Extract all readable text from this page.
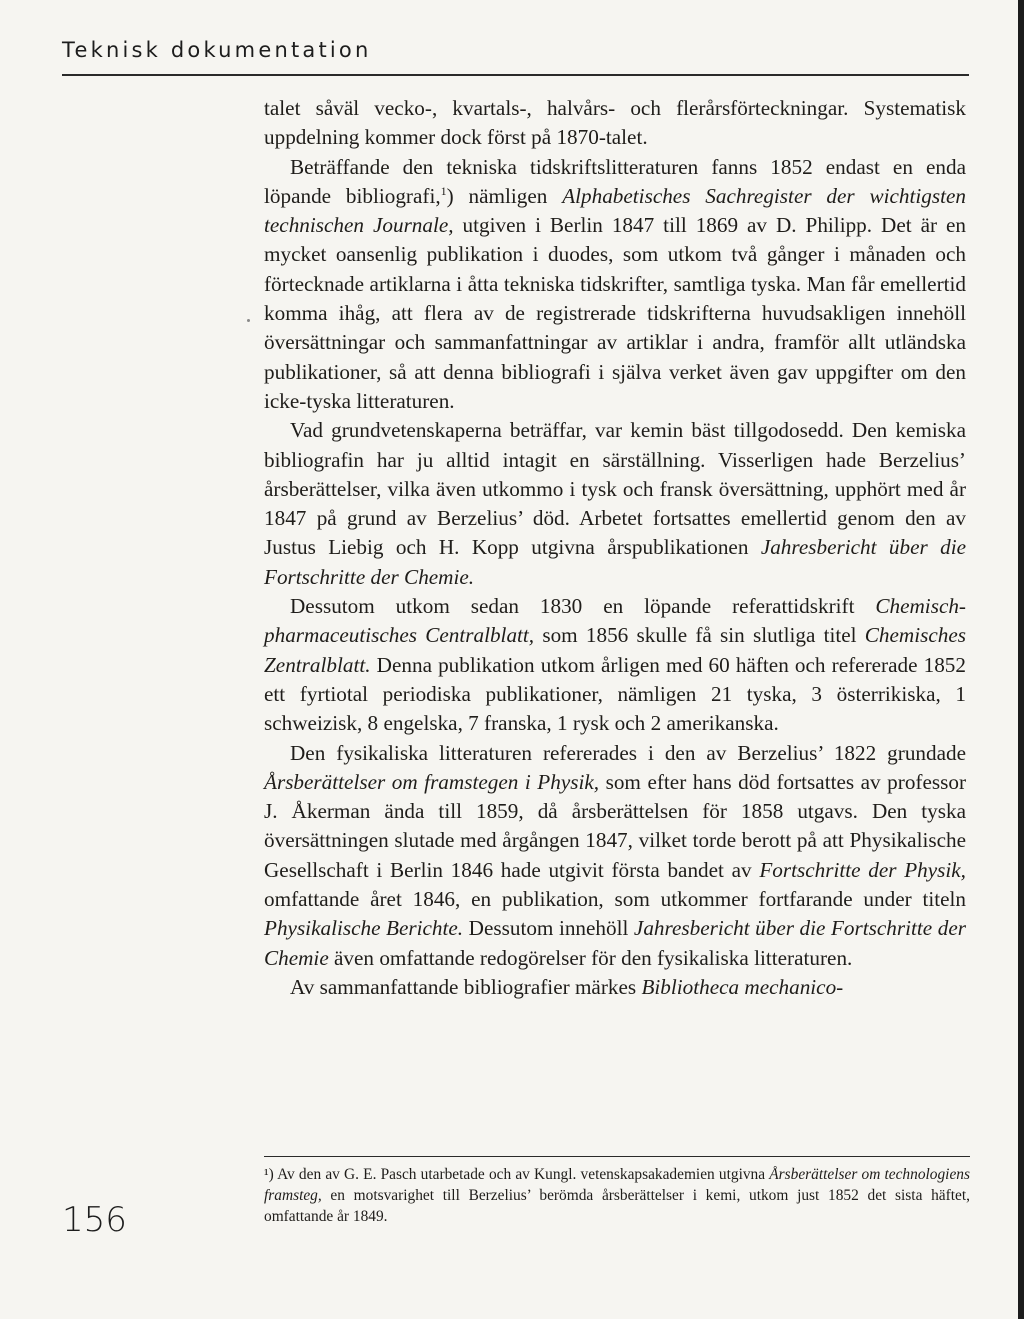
Teknisk dokumentation

talet såväl vecko-, kvartals-, halvårs- och flerårsförteckningar. Systematisk uppdelning kommer dock först på 1870-talet.

Beträffande den tekniska tidskriftslitteraturen fanns 1852 endast en enda löpande bibliografi,$^1$) nämligen Alphabetisches Sachregister der wichtigsten technischen Journale, utgiven i Berlin 1847 till 1869 av D. Philipp. Det är en mycket oansenlig publikation i duodes, som utkom två gånger i månaden och förtecknade artiklarna i åtta tekniska tidskrifter, samtliga tyska. Man får emellertid komma ihåg, att flera av de registrerade tidskrifterna huvudsakligen innehöll översättningar och sammanfattningar av artiklar i andra, framför allt utländska publikationer, så att denna bibliografi i själva verket även gav uppgifter om den icke-tyska litteraturen.

Vad grundvetenskaperna beträffar, var kemin bäst tillgodosedd. Den kemiska bibliografin har ju alltid intagit en särställning. Visserligen hade Berzelius’ årsberättelser, vilka även utkommo i tysk och fransk översättning, upphört med år 1847 på grund av Berzelius’ död. Arbetet fortsattes emellertid genom den av Justus Liebig och H. Kopp utgivna årspublikationen Jahresbericht über die Fortschritte der Chemie.

Dessutom utkom sedan 1830 en löpande referattidskrift Chemisch-pharmaceutisches Centralblatt, som 1856 skulle få sin slutliga titel Chemisches Zentralblatt. Denna publikation utkom årligen med 60 häften och refererade 1852 ett fyrtiotal periodiska publikationer, nämligen 21 tyska, 3 österrikiska, 1 schweizisk, 8 engelska, 7 franska, 1 rysk och 2 amerikanska.

Den fysikaliska litteraturen refererades i den av Berzelius’ 1822 grundade Årsberättelser om framstegen i Physik, som efter hans död fortsattes av professor J. Åkerman ända till 1859, då årsberättelsen för 1858 utgavs. Den tyska översättningen slutade med årgången 1847, vilket torde berott på att Physikalische Gesellschaft i Berlin 1846 hade utgivit första bandet av Fortschritte der Physik, omfattande året 1846, en publikation, som utkommer fortfarande under titeln Physikalische Berichte. Dessutom innehöll Jahresbericht über die Fortschritte der Chemie även omfattande redogörelser för den fysikaliska litteraturen.

Av sammanfattande bibliografier märkes Bibliotheca mechanico-

¹) Av den av G. E. Pasch utarbetade och av Kungl. vetenskapsakademien utgivna Årsberättelser om technologiens framsteg, en motsvarighet till Berzelius’ berömda årsberättelser i kemi, utkom just 1852 det sista häftet, omfattande år 1849.
156
